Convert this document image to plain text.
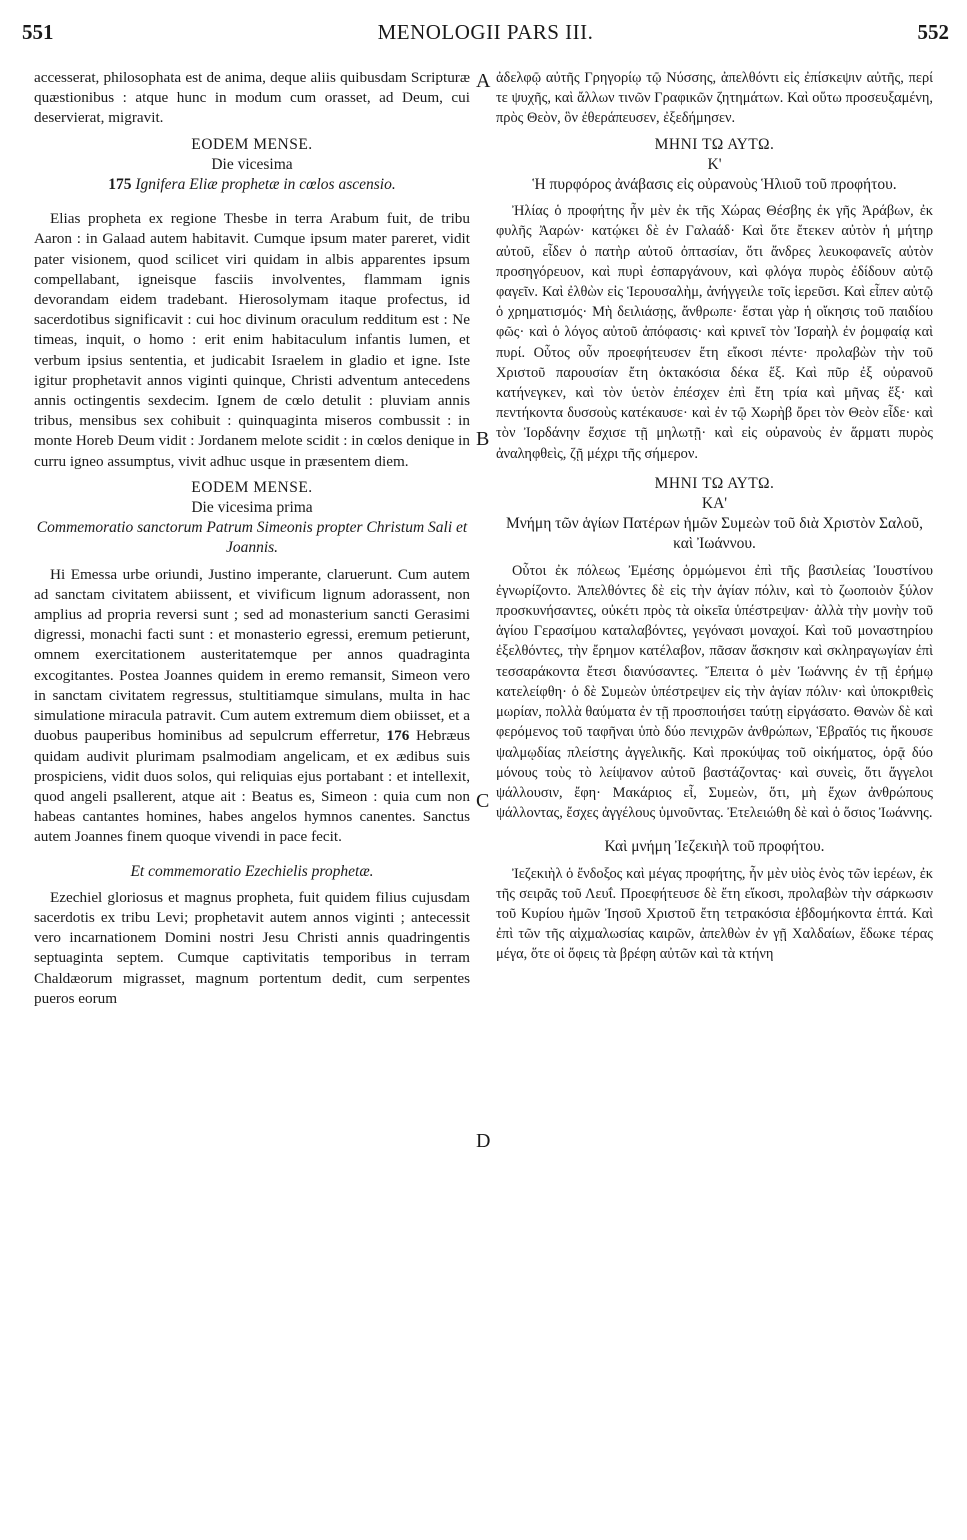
551	MENOLOGII PARS III.	552
A
B
C
D

accesserat, philosophata est de anima, deque aliis quibusdam Scripturæ quæstionibus : atque hunc in modum cum orasset, ad Deum, cui deservierat, migravit.

EODEM MENSE.

Die vicesima

175 Ignifera Eliæ prophetæ in cœlos ascensio.

Elias propheta ex regione Thesbe in terra Arabum fuit, de tribu Aaron : in Galaad autem habitavit. Cumque ipsum mater pareret, vidit pater visionem, quod scilicet viri quidam in albis apparentes ipsum compellabant, igneisque fasciis involventes, flammam ignis devorandam eidem tradebant. Hierosolymam itaque profectus, id sacerdotibus significavit : cui hoc divinum oraculum redditum est : Ne timeas, inquit, o homo : erit enim habitaculum infantis lumen, et verbum ipsius sententia, et judicabit Israelem in gladio et igne. Iste igitur prophetavit annos viginti quinque, Christi adventum antecedens annis octingentis sexdecim. Ignem de cœlo detulit : pluviam annis tribus, mensibus sex cohibuit : quinquaginta miseros combussit : in monte Horeb Deum vidit : Jordanem melote scidit : in cœlos denique in curru igneo assumptus, vivit adhuc usque in præsentem diem.

EODEM MENSE.

Die vicesima prima

Commemoratio sanctorum Patrum Simeonis propter Christum Sali et Joannis.

Hi Emessa urbe oriundi, Justino imperante, claruerunt. Cum autem ad sanctam civitatem abiissent, et vivificum lignum adorassent, non amplius ad propria reversi sunt ; sed ad monasterium sancti Gerasimi digressi, monachi facti sunt : et monasterio egressi, eremum petierunt, omnem exercitationem austeritatemque per annos quadraginta excogitantes. Postea Joannes quidem in eremo remansit, Simeon vero in sanctam civitatem regressus, stultitiamque simulans, multa in hac simulatione miracula patravit. Cum autem extremum diem obiisset, et a duobus pauperibus hominibus ad sepulcrum efferretur, 176 Hebræus quidam audivit plurimam psalmodiam angelicam, et ex ædibus suis prospiciens, vidit duos solos, qui reliquias ejus portabant : et intellexit, quod angeli psallerent, atque ait : Beatus es, Simeon : quia cum non habeas cantantes homines, habes angelos hymnos canentes. Sanctus autem Joannes finem quoque vivendi in pace fecit.

Et commemoratio Ezechielis prophetæ.

Ezechiel gloriosus et magnus propheta, fuit quidem filius cujusdam sacerdotis ex tribu Levi; prophetavit autem annos viginti ; antecessit vero incarnationem Domini nostri Jesu Christi annis quadringentis septuaginta septem. Cumque captivitatis temporibus in terram Chaldæorum migrasset, magnum portentum dedit, cum serpentes pueros eorum

ἀδελφῷ αὐτῆς Γρηγορίῳ τῷ Νύσσης, ἀπελθόντι εἰς ἐπίσκεψιν αὐτῆς, περί τε ψυχῆς, καὶ ἄλλων τινῶν Γραφικῶν ζητημάτων. Καὶ οὕτω προσευξαμένη, πρὸς Θεὸν, ὃν ἐθεράπευσεν, ἐξεδήμησεν.

ΜΗΝΙ ΤΩ ΑΥΤΩ.

Κ'

Ἡ πυρφόρος ἀνάβασις εἰς οὐρανοὺς Ἡλιοῦ τοῦ προφήτου.

Ἠλίας ὁ προφήτης ἦν μὲν ἐκ τῆς Χώρας Θέσβης ἐκ γῆς Ἀράβων, ἐκ φυλῆς Ἀαρών· κατῴκει δὲ ἐν Γαλαάδ· Καὶ ὅτε ἔτεκεν αὐτὸν ἡ μήτηρ αὐτοῦ, εἶδεν ὁ πατὴρ αὐτοῦ ὀπτασίαν, ὅτι ἄνδρες λευκοφανεῖς αὐτὸν προσηγόρευον, καὶ πυρὶ ἐσπαργάνουν, καὶ φλόγα πυρὸς ἐδίδουν αὐτῷ φαγεῖν. Καὶ ἐλθὼν εἰς Ἱερουσαλὴμ, ἀνήγγειλε τοῖς ἱερεῦσι. Καὶ εἶπεν αὐτῷ ὁ χρηματισμός· Μὴ δειλιάσῃς, ἄνθρωπε· ἔσται γὰρ ἡ οἴκησις τοῦ παιδίου φῶς· καὶ ὁ λόγος αὐτοῦ ἀπόφασις· καὶ κρινεῖ τὸν Ἰσραὴλ ἐν ῥομφαίᾳ καὶ πυρί. Οὗτος οὖν προεφήτευσεν ἔτη εἴκοσι πέντε· προλαβὼν τὴν τοῦ Χριστοῦ παρουσίαν ἔτη ὀκτακόσια δέκα ἕξ. Καὶ πῦρ ἐξ οὐρανοῦ κατήνεγκεν, καὶ τὸν ὑετὸν ἐπέσχεν ἐπὶ ἔτη τρία καὶ μῆνας ἕξ· καὶ πεντήκοντα δυσσοὺς κατέκαυσε· καὶ ἐν τῷ Χωρὴβ ὄρει τὸν Θεὸν εἶδε· καὶ τὸν Ἰορδάνην ἔσχισε τῇ μηλωτῇ· καὶ εἰς οὐρανοὺς ἐν ἅρματι πυρὸς ἀναληφθεὶς, ζῇ μέχρι τῆς σήμερον.

ΜΗΝΙ ΤΩ ΑΥΤΩ.

ΚΑ'

Μνήμη τῶν ἁγίων Πατέρων ἡμῶν Συμεὼν τοῦ διὰ Χριστὸν Σαλοῦ, καὶ Ἰωάννου.

Οὗτοι ἐκ πόλεως Ἐμέσης ὁρμώμενοι ἐπὶ τῆς βασιλείας Ἰουστίνου ἐγνωρίζοντο. Ἀπελθόντες δὲ εἰς τὴν ἁγίαν πόλιν, καὶ τὸ ζωοποιὸν ξύλον προσκυνήσαντες, οὐκέτι πρὸς τὰ οἰκεῖα ὑπέστρεψαν· ἀλλὰ τὴν μονὴν τοῦ ἁγίου Γερασίμου καταλαβόντες, γεγόνασι μοναχοί. Καὶ τοῦ μοναστηρίου ἐξελθόντες, τὴν ἔρημον κατέλαβον, πᾶσαν ἄσκησιν καὶ σκληραγωγίαν ἐπὶ τεσσαράκοντα ἔτεσι διανύσαντες. Ἔπειτα ὁ μὲν Ἰωάννης ἐν τῇ ἐρήμῳ κατελείφθη· ὁ δὲ Συμεὼν ὑπέστρεψεν εἰς τὴν ἁγίαν πόλιν· καὶ ὑποκριθεὶς μωρίαν, πολλὰ θαύματα ἐν τῇ προσποιήσει ταύτῃ εἰργάσατο. Θανὼν δὲ καὶ φερόμενος τοῦ ταφῆναι ὑπὸ δύο πενιχρῶν ἀνθρώπων, Ἑβραῖός τις ἤκουσε ψαλμῳδίας πλείστης ἀγγελικῆς. Καὶ προκύψας τοῦ οἰκήματος, ὁρᾷ δύο μόνους τοὺς τὸ λείψανον αὐτοῦ βαστάζοντας· καὶ συνεὶς, ὅτι ἄγγελοι ψάλλουσιν, ἔφη· Μακάριος εἶ, Συμεὼν, ὅτι, μὴ ἔχων ἀνθρώπους ψάλλοντας, ἔσχες ἀγγέλους ὑμνοῦντας. Ἐτελειώθη δὲ καὶ ὁ ὅσιος Ἰωάννης.

Καὶ μνήμη Ἰεζεκιὴλ τοῦ προφήτου.

Ἰεζεκιὴλ ὁ ἔνδοξος καὶ μέγας προφήτης, ἦν μὲν υἱὸς ἑνὸς τῶν ἱερέων, ἐκ τῆς σειρᾶς τοῦ Λευΐ. Προεφήτευσε δὲ ἔτη εἴκοσι, προλαβὼν τὴν σάρκωσιν τοῦ Κυρίου ἡμῶν Ἰησοῦ Χριστοῦ ἔτη τετρακόσια ἑβδομήκοντα ἑπτά. Καὶ ἐπὶ τῶν τῆς αἰχμαλωσίας καιρῶν, ἀπελθὼν ἐν γῇ Χαλδαίων, ἔδωκε τέρας μέγα, ὅτε οἱ ὄφεις τὰ βρέφη αὐτῶν καὶ τὰ κτήνη
